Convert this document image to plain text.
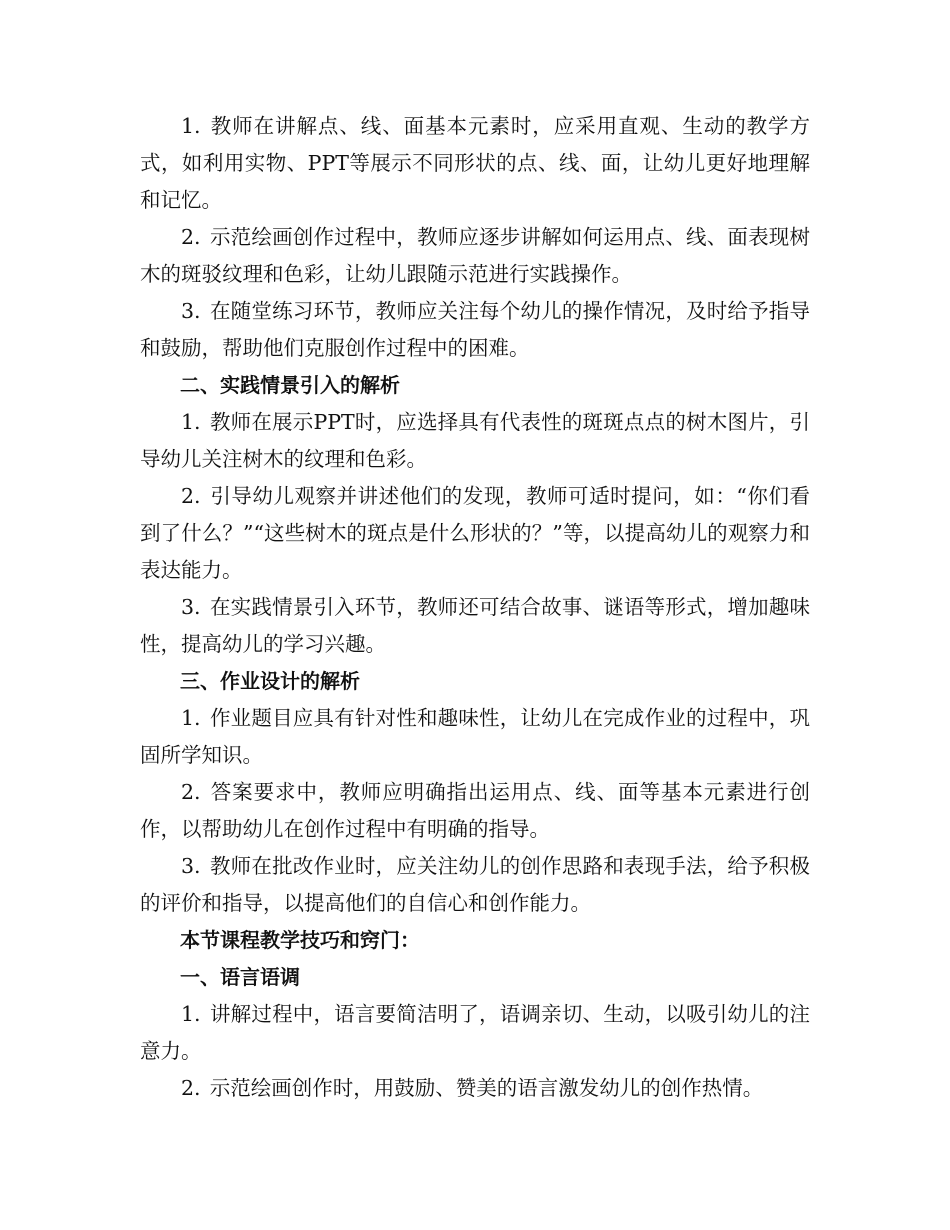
1. 教师在讲解点、线、面基本元素时，应采用直观、生动的教学方式，如利用实物、PPT等展示不同形状的点、线、面，让幼儿更好地理解和记忆。

2. 示范绘画创作过程中，教师应逐步讲解如何运用点、线、面表现树木的斑驳纹理和色彩，让幼儿跟随示范进行实践操作。

3. 在随堂练习环节，教师应关注每个幼儿的操作情况，及时给予指导和鼓励，帮助他们克服创作过程中的困难。

二、实践情景引入的解析

1. 教师在展示PPT时，应选择具有代表性的斑斑点点的树木图片，引导幼儿关注树木的纹理和色彩。

2. 引导幼儿观察并讲述他们的发现，教师可适时提问，如：“你们看到了什么？”“这些树木的斑点是什么形状的？”等，以提高幼儿的观察力和表达能力。

3. 在实践情景引入环节，教师还可结合故事、谜语等形式，增加趣味性，提高幼儿的学习兴趣。

三、作业设计的解析

1. 作业题目应具有针对性和趣味性，让幼儿在完成作业的过程中，巩固所学知识。

2. 答案要求中，教师应明确指出运用点、线、面等基本元素进行创作，以帮助幼儿在创作过程中有明确的指导。

3. 教师在批改作业时，应关注幼儿的创作思路和表现手法，给予积极的评价和指导，以提高他们的自信心和创作能力。

本节课程教学技巧和窍门：

一、语言语调

1. 讲解过程中，语言要简洁明了，语调亲切、生动，以吸引幼儿的注意力。

2. 示范绘画创作时，用鼓励、赞美的语言激发幼儿的创作热情。
